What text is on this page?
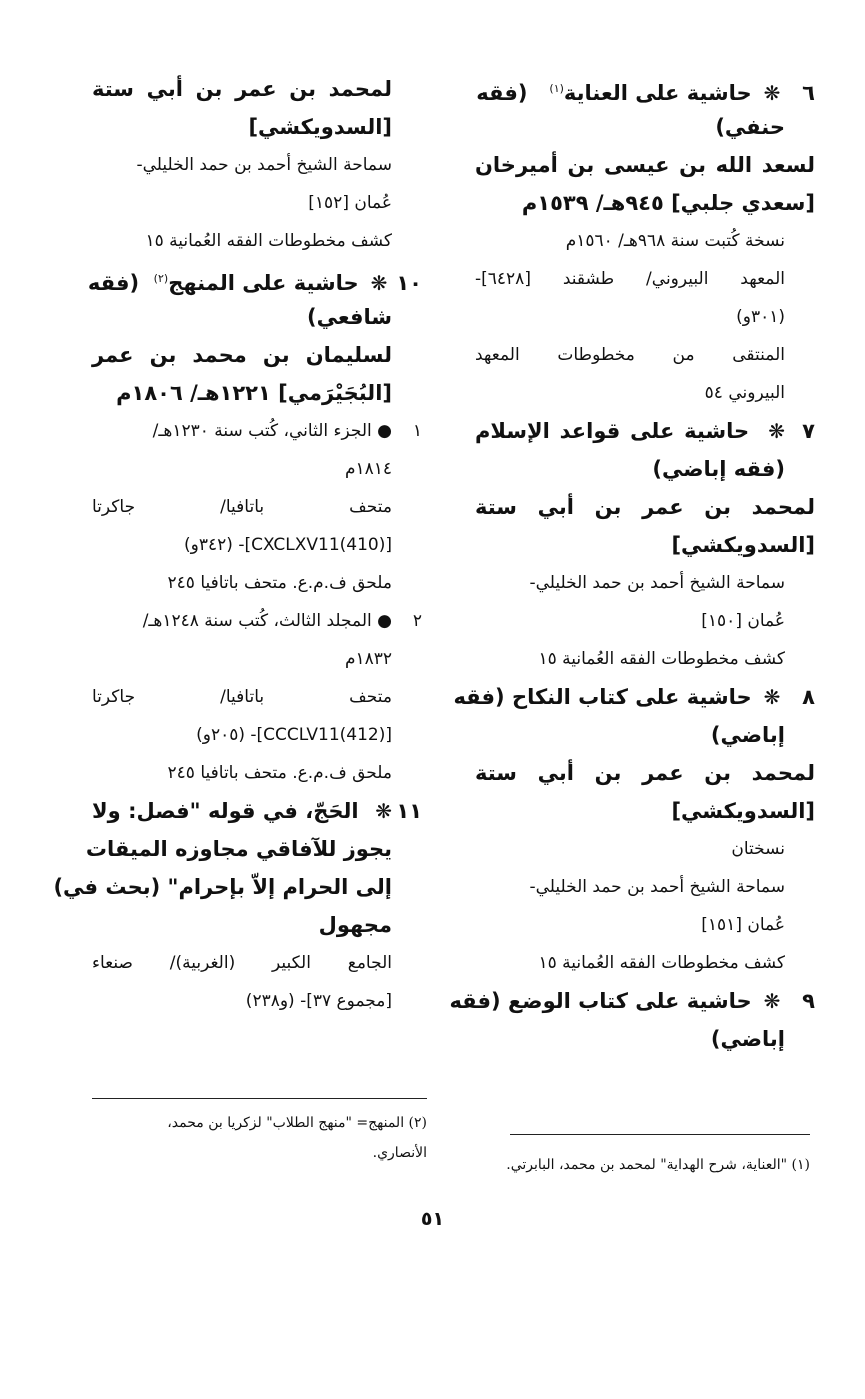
٦❋ حاشية على العناية$^{(١)}$   (فقه
حنفي)
لسعد الله بن عيسى بن أميرخان
[سعدي جلبي] ٩٤٥هـ/ ١٥٣٩م
نسخة كُتبت سنة ٩٦٨هـ/ ١٥٦٠م
المعهد البيروني/ طشقند [٦٤٢٨]-
(٣٠١و)
المنتقى من مخطوطات المعهد
البيروني ٥٤
٧❋ حاشية على قواعد الإسلام
(فقه إباضي)
لمحمد بن عمر بن أبي ستة
[السدويكشي]
سماحة الشيخ أحمد بن حمد الخليلي-
عُمان [١٥٠]
كشف مخطوطات الفقه العُمانية ١٥
٨❋ حاشية على كتاب النكاح (فقه
إباضي)
لمحمد بن عمر بن أبي ستة
[السدويكشي]
نسختان
سماحة الشيخ أحمد بن حمد الخليلي-
عُمان [١٥١]
كشف مخطوطات الفقه العُمانية ١٥
٩❋ حاشية على كتاب الوضع (فقه
إباضي)
لمحمد بن عمر بن أبي ستة
[السدويكشي]
سماحة الشيخ أحمد بن حمد الخليلي-
عُمان [١٥٢]
كشف مخطوطات الفقه العُمانية ١٥
١٠❋ حاشية على المنهج$^{(٢)}$  (فقه
شافعي)
لسليمان بن محمد بن عمر
[البُجَيْرَمي] ١٢٢١هـ/ ١٨٠٦م
١● الجزء الثاني، كُتب سنة ١٢٣٠هـ/
١٨١٤م
متحف باتافيا/ جاكرتا
[(410)CXCLXV11]- (٣٤٢و)
ملحق ف.م.ع. متحف باتافيا ٢٤٥
٢● المجلد الثالث، كُتب سنة ١٢٤٨هـ/
١٨٣٢م
متحف باتافيا/ جاكرتا
[(412)CCCLV11]- (٢٠٥و)
ملحق ف.م.ع. متحف باتافيا ٢٤٥
١١❋ الحَجّ، في قوله "فصل: ولا
يجوز للآفاقي مجاوزه الميقات
إلى الحرام إلاّ بإحرام" (بحث في)
مجهول
الجامع الكبير (الغربية)/ صنعاء
[مجموع ٣٧]- (و٢٣٨)
(٢) المنهج= "منهج الطلاب" لزكريا بن محمد،
الأنصاري.
(١) "العناية، شرح الهداية" لمحمد بن محمد، البابرتي.
٥١
